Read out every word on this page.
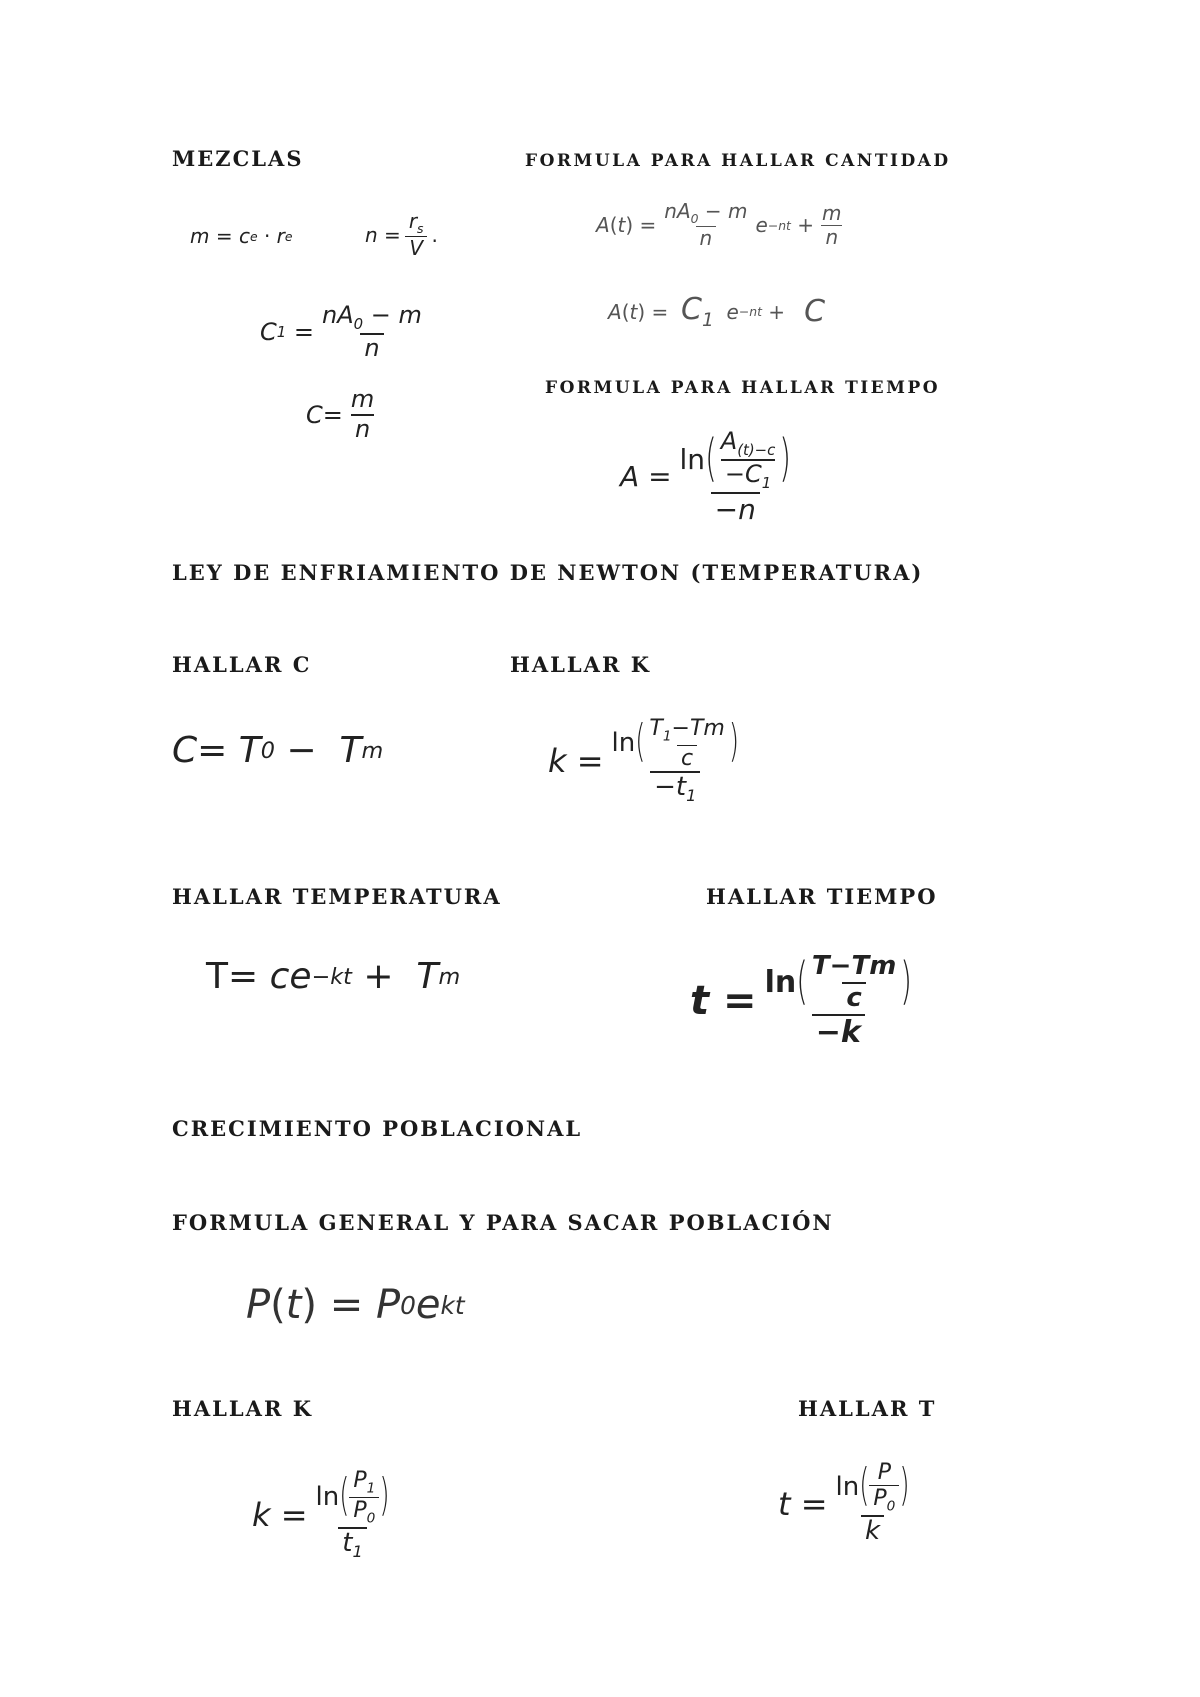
MEZCLAS	FORMULA PARA HALLAR CANTIDAD
FORMULA PARA HALLAR TIEMPO
LEY DE ENFRIAMIENTO DE NEWTON (TEMPERATURA)
HALLAR C	HALLAR K
HALLAR TEMPERATURA	HALLAR TIEMPO
CRECIMIENTO POBLACIONAL
FORMULA GENERAL Y PARA SACAR POBLACIÓN
HALLAR K	HALLAR T
m = c e
· r e	$n = \frac{r_s}{V}$ .
C 1
= $\frac{nA_0 - m}{n}$
$C = \frac{m}{n}$
A ( t )
= $\frac{nA_0 - m}{n}$ e −nt
+ $\frac{m}{n}$
A ( t )
=
$C_1$ e −nt
+
C
$A = \frac{\ln ( \frac{A_{(t)-c}}{-C_1} )}{-n}$
C = T 0
− T m	$k = \frac{\ln ( \frac{T_1-Tm}{c} )}{-t_1}$
T= ce −kt
+ T m
$t = \frac{\ln ( \frac{T-Tm}{c} )}{-k}$
P ( t )
= P 0 e kt
$k = \frac{\ln ( \frac{P_1}{P_0} )}{t_1}$	$t = \frac{\ln ( \frac{P}{P_0} )}{k}$
